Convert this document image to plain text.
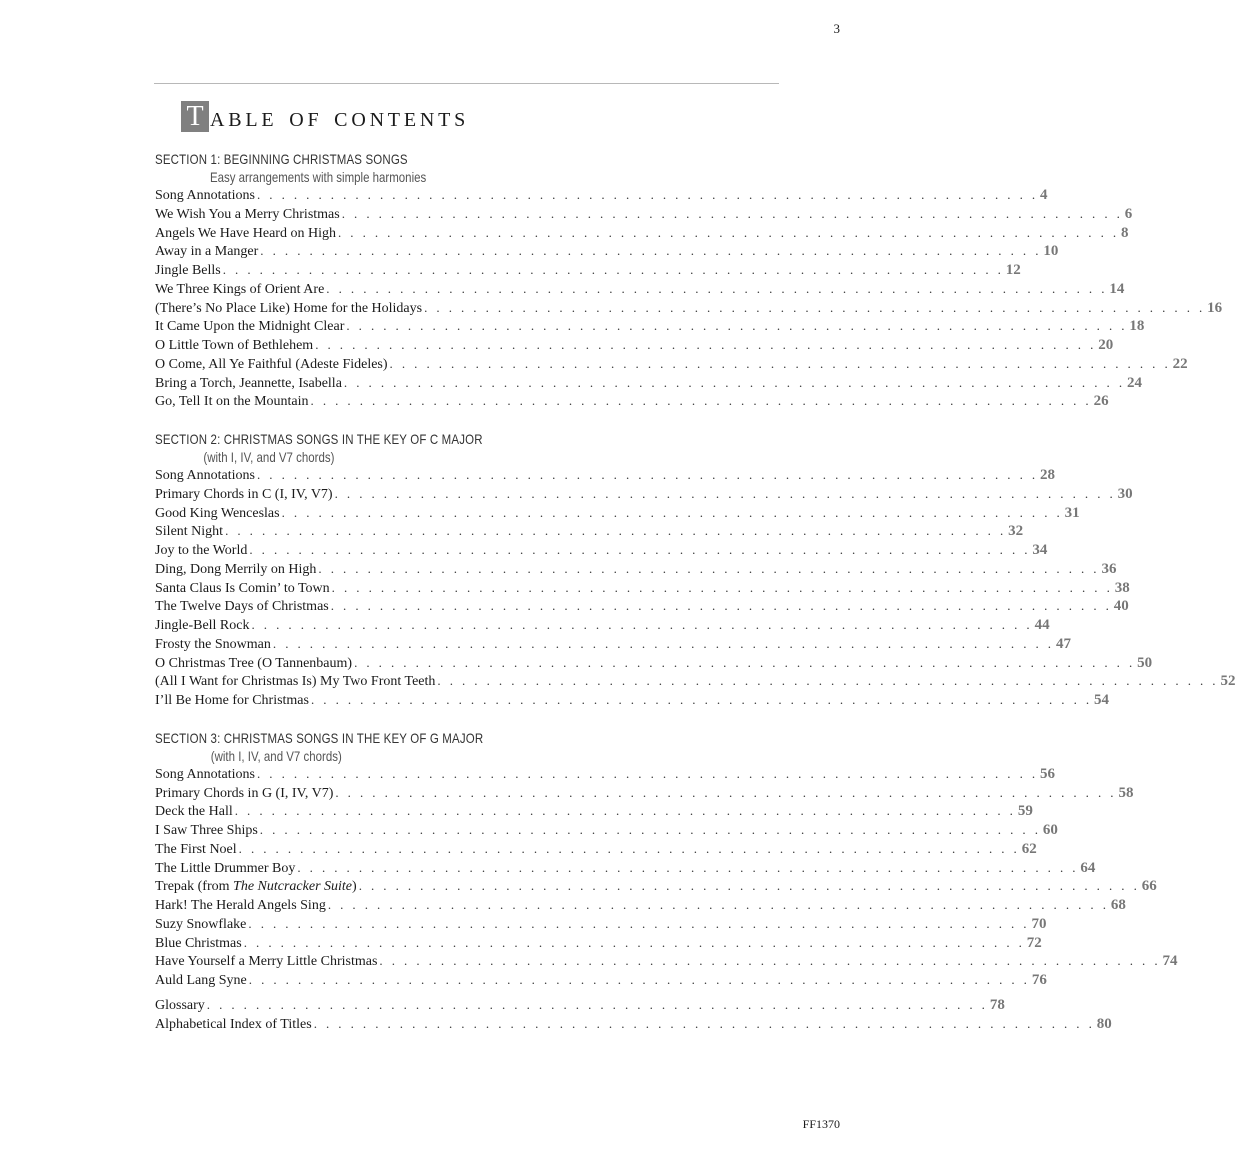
3
T ABLE OF CONTENTS
SECTION 1: BEGINNING CHRISTMAS SONGS
Easy arrangements with simple harmonies
Song Annotations . . . . . . . . . . . . . . . . . . . . . . . . . . . . . . . . . . . . . . . . . . . . . . . . . . . . . . . . . . . . . . . . 4
We Wish You a Merry Christmas . . . . . . . . . . . . . . . . . . . . . . . . . . . . . . . . . . . . . . . . . . . . . . . . . . . . . . . . . . . . . . . . 6
Angels We Have Heard on High . . . . . . . . . . . . . . . . . . . . . . . . . . . . . . . . . . . . . . . . . . . . . . . . . . . . . . . . . . . . . . . . 8
Away in a Manger . . . . . . . . . . . . . . . . . . . . . . . . . . . . . . . . . . . . . . . . . . . . . . . . . . . . . . . . . . . . . . . . 10
Jingle Bells . . . . . . . . . . . . . . . . . . . . . . . . . . . . . . . . . . . . . . . . . . . . . . . . . . . . . . . . . . . . . . . . 12
We Three Kings of Orient Are . . . . . . . . . . . . . . . . . . . . . . . . . . . . . . . . . . . . . . . . . . . . . . . . . . . . . . . . . . . . . . . . 14
(There’s No Place Like) Home for the Holidays . . . . . . . . . . . . . . . . . . . . . . . . . . . . . . . . . . . . . . . . . . . . . . . . . . . . . . . . . . . . . . . . 16
It Came Upon the Midnight Clear . . . . . . . . . . . . . . . . . . . . . . . . . . . . . . . . . . . . . . . . . . . . . . . . . . . . . . . . . . . . . . . . 18
O Little Town of Bethlehem . . . . . . . . . . . . . . . . . . . . . . . . . . . . . . . . . . . . . . . . . . . . . . . . . . . . . . . . . . . . . . . . 20
O Come, All Ye Faithful (Adeste Fideles) . . . . . . . . . . . . . . . . . . . . . . . . . . . . . . . . . . . . . . . . . . . . . . . . . . . . . . . . . . . . . . . . 22
Bring a Torch, Jeannette, Isabella . . . . . . . . . . . . . . . . . . . . . . . . . . . . . . . . . . . . . . . . . . . . . . . . . . . . . . . . . . . . . . . . 24
Go, Tell It on the Mountain . . . . . . . . . . . . . . . . . . . . . . . . . . . . . . . . . . . . . . . . . . . . . . . . . . . . . . . . . . . . . . . . 26
SECTION 2: CHRISTMAS SONGS IN THE KEY OF C MAJOR
(with I, IV, and V7 chords)
Song Annotations . . . . . . . . . . . . . . . . . . . . . . . . . . . . . . . . . . . . . . . . . . . . . . . . . . . . . . . . . . . . . . . . 28
Primary Chords in C (I, IV, V7) . . . . . . . . . . . . . . . . . . . . . . . . . . . . . . . . . . . . . . . . . . . . . . . . . . . . . . . . . . . . . . . . 30
Good King Wenceslas . . . . . . . . . . . . . . . . . . . . . . . . . . . . . . . . . . . . . . . . . . . . . . . . . . . . . . . . . . . . . . . . 31
Silent Night . . . . . . . . . . . . . . . . . . . . . . . . . . . . . . . . . . . . . . . . . . . . . . . . . . . . . . . . . . . . . . . . 32
Joy to the World . . . . . . . . . . . . . . . . . . . . . . . . . . . . . . . . . . . . . . . . . . . . . . . . . . . . . . . . . . . . . . . . 34
Ding, Dong Merrily on High . . . . . . . . . . . . . . . . . . . . . . . . . . . . . . . . . . . . . . . . . . . . . . . . . . . . . . . . . . . . . . . . 36
Santa Claus Is Comin’ to Town . . . . . . . . . . . . . . . . . . . . . . . . . . . . . . . . . . . . . . . . . . . . . . . . . . . . . . . . . . . . . . . . 38
The Twelve Days of Christmas . . . . . . . . . . . . . . . . . . . . . . . . . . . . . . . . . . . . . . . . . . . . . . . . . . . . . . . . . . . . . . . . 40
Jingle-Bell Rock . . . . . . . . . . . . . . . . . . . . . . . . . . . . . . . . . . . . . . . . . . . . . . . . . . . . . . . . . . . . . . . . 44
Frosty the Snowman . . . . . . . . . . . . . . . . . . . . . . . . . . . . . . . . . . . . . . . . . . . . . . . . . . . . . . . . . . . . . . . . 47
O Christmas Tree (O Tannenbaum) . . . . . . . . . . . . . . . . . . . . . . . . . . . . . . . . . . . . . . . . . . . . . . . . . . . . . . . . . . . . . . . . 50
(All I Want for Christmas Is) My Two Front Teeth . . . . . . . . . . . . . . . . . . . . . . . . . . . . . . . . . . . . . . . . . . . . . . . . . . . . . . . . . . . . . . . . 52
I’ll Be Home for Christmas . . . . . . . . . . . . . . . . . . . . . . . . . . . . . . . . . . . . . . . . . . . . . . . . . . . . . . . . . . . . . . . . 54
SECTION 3: CHRISTMAS SONGS IN THE KEY OF G MAJOR
(with I, IV, and V7 chords)
Song Annotations . . . . . . . . . . . . . . . . . . . . . . . . . . . . . . . . . . . . . . . . . . . . . . . . . . . . . . . . . . . . . . . . 56
Primary Chords in G (I, IV, V7) . . . . . . . . . . . . . . . . . . . . . . . . . . . . . . . . . . . . . . . . . . . . . . . . . . . . . . . . . . . . . . . . 58
Deck the Hall . . . . . . . . . . . . . . . . . . . . . . . . . . . . . . . . . . . . . . . . . . . . . . . . . . . . . . . . . . . . . . . . 59
I Saw Three Ships . . . . . . . . . . . . . . . . . . . . . . . . . . . . . . . . . . . . . . . . . . . . . . . . . . . . . . . . . . . . . . . . 60
The First Noel . . . . . . . . . . . . . . . . . . . . . . . . . . . . . . . . . . . . . . . . . . . . . . . . . . . . . . . . . . . . . . . . 62
The Little Drummer Boy . . . . . . . . . . . . . . . . . . . . . . . . . . . . . . . . . . . . . . . . . . . . . . . . . . . . . . . . . . . . . . . . 64
Trepak (from The Nutcracker Suite) . . . . . . . . . . . . . . . . . . . . . . . . . . . . . . . . . . . . . . . . . . . . . . . . . . . . . . . . . . . . . . . . 66
Hark! The Herald Angels Sing . . . . . . . . . . . . . . . . . . . . . . . . . . . . . . . . . . . . . . . . . . . . . . . . . . . . . . . . . . . . . . . . 68
Suzy Snowflake . . . . . . . . . . . . . . . . . . . . . . . . . . . . . . . . . . . . . . . . . . . . . . . . . . . . . . . . . . . . . . . . 70
Blue Christmas . . . . . . . . . . . . . . . . . . . . . . . . . . . . . . . . . . . . . . . . . . . . . . . . . . . . . . . . . . . . . . . . 72
Have Yourself a Merry Little Christmas . . . . . . . . . . . . . . . . . . . . . . . . . . . . . . . . . . . . . . . . . . . . . . . . . . . . . . . . . . . . . . . . 74
Auld Lang Syne . . . . . . . . . . . . . . . . . . . . . . . . . . . . . . . . . . . . . . . . . . . . . . . . . . . . . . . . . . . . . . . . 76
Glossary . . . . . . . . . . . . . . . . . . . . . . . . . . . . . . . . . . . . . . . . . . . . . . . . . . . . . . . . . . . . . . . . 78
Alphabetical Index of Titles . . . . . . . . . . . . . . . . . . . . . . . . . . . . . . . . . . . . . . . . . . . . . . . . . . . . . . . . . . . . . . . . 80
FF1370
